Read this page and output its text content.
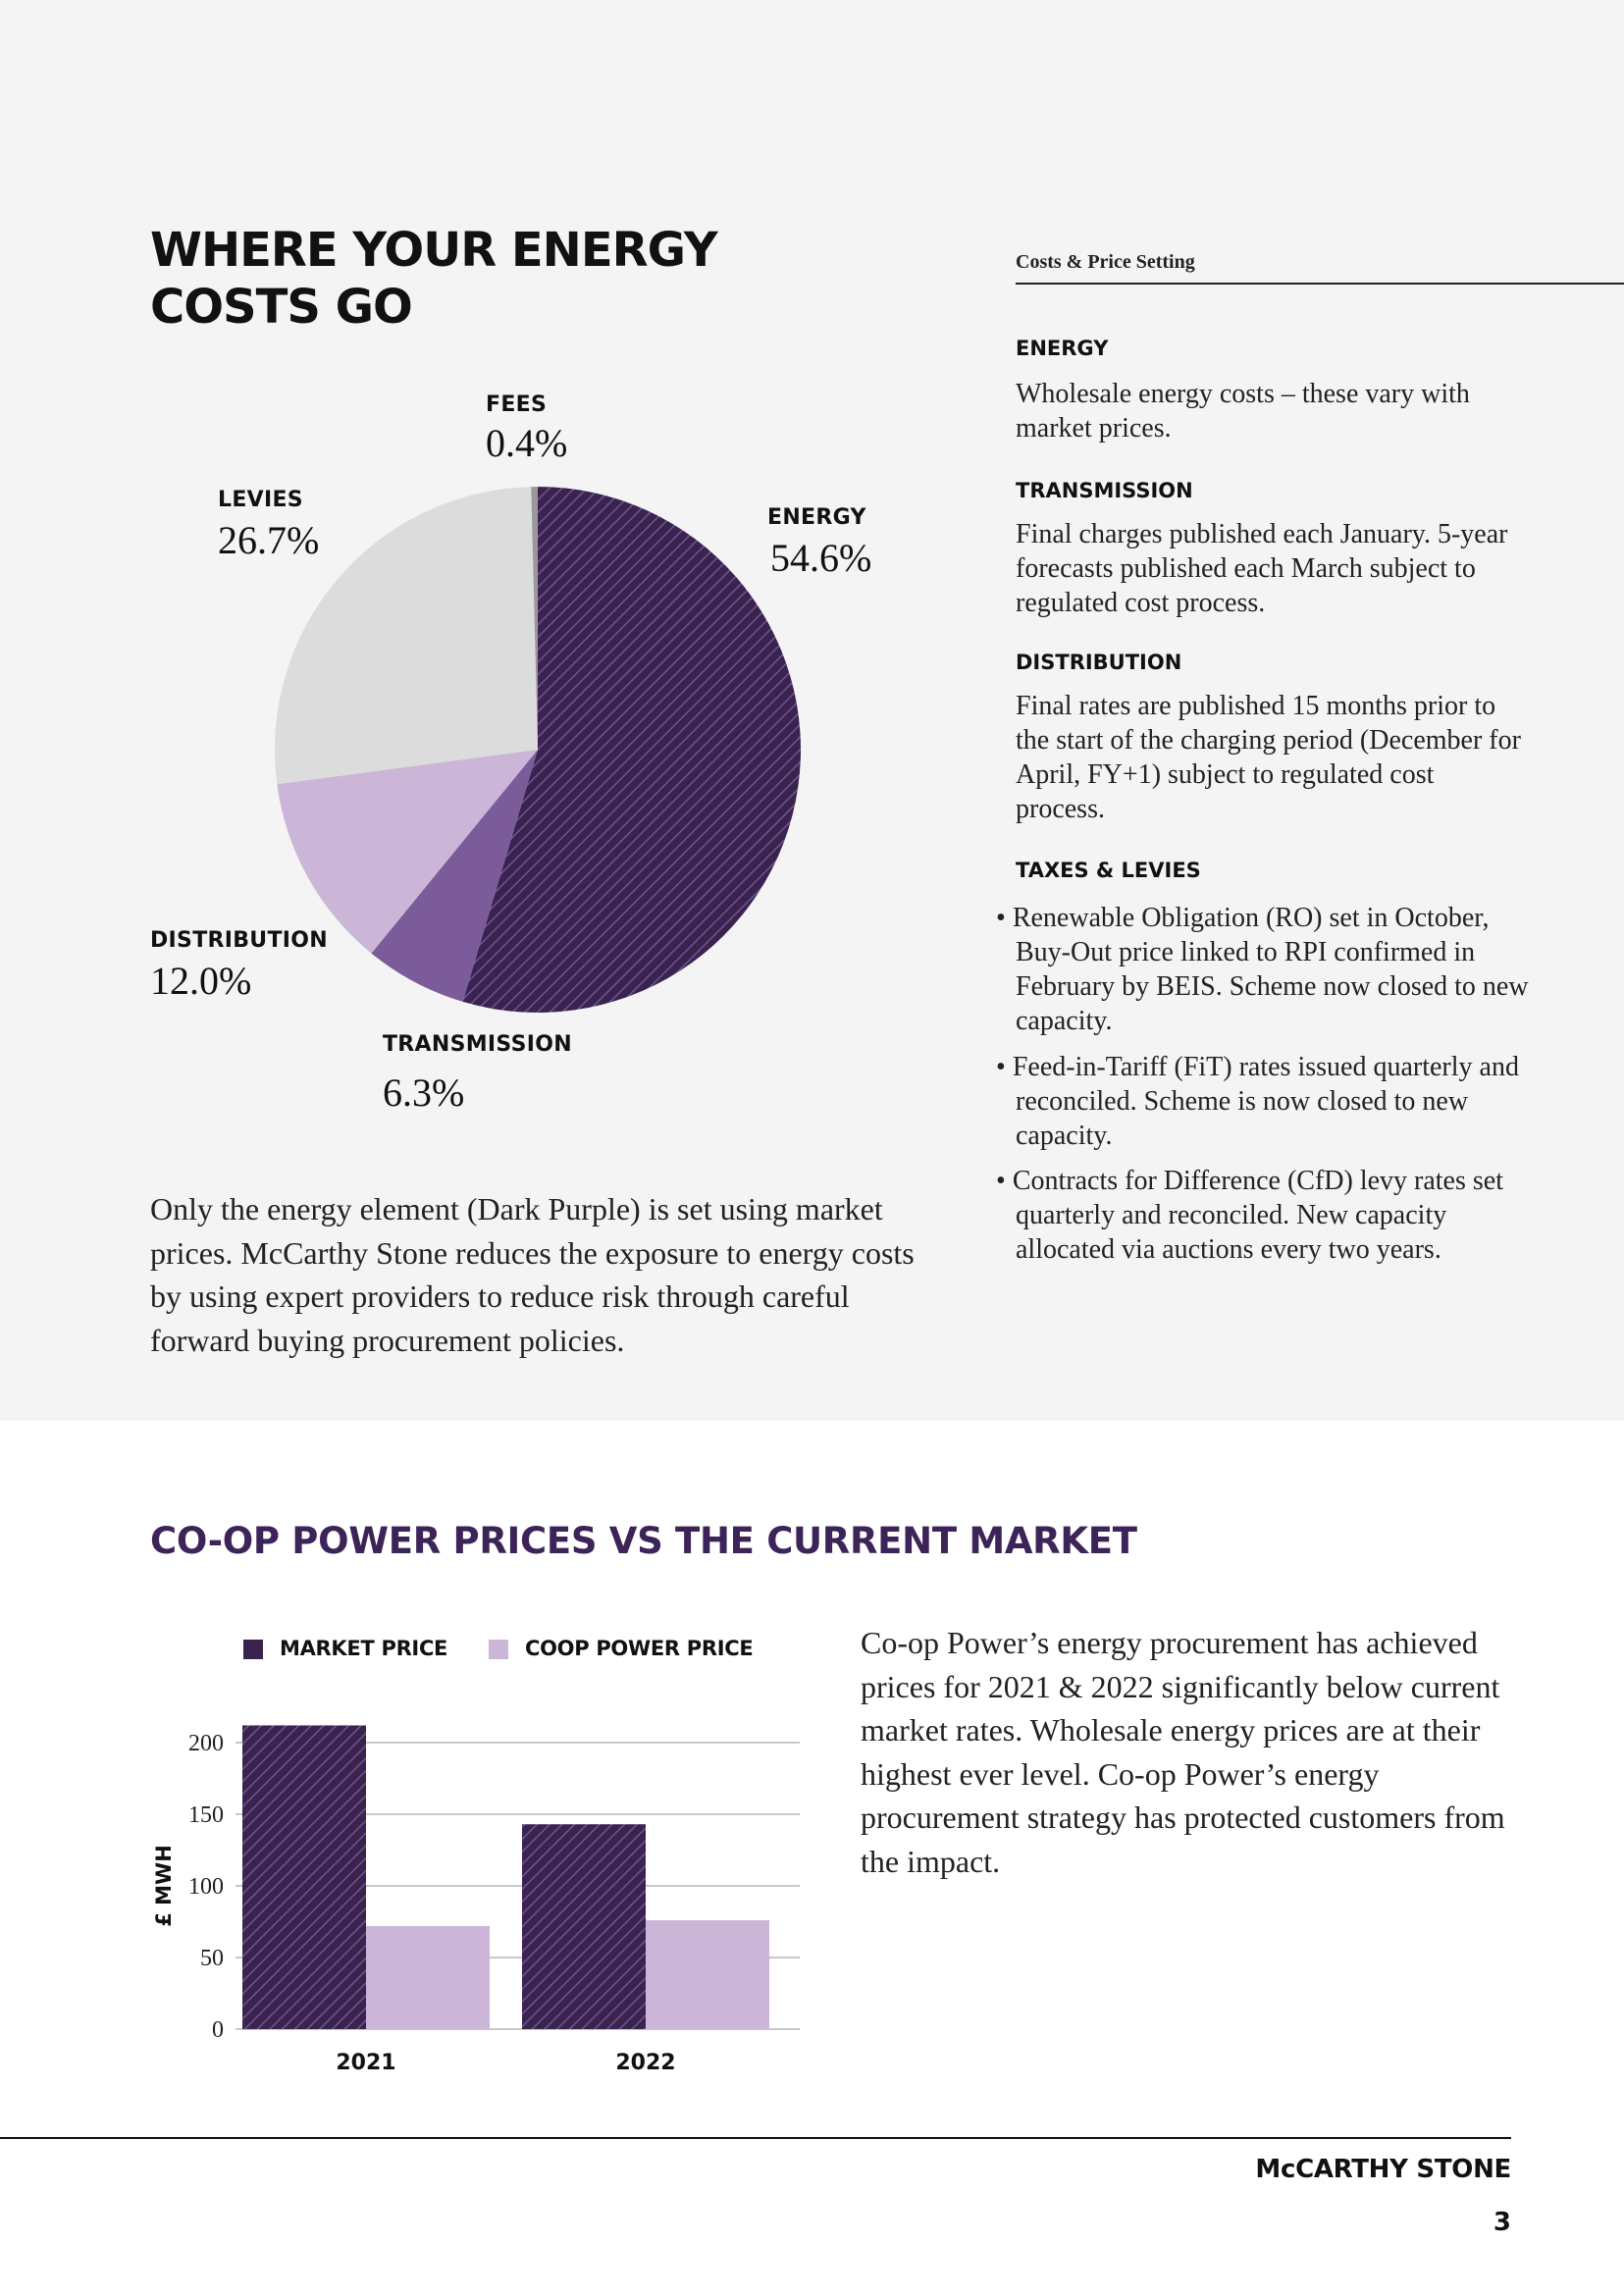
WHERE YOUR ENERGY
COSTS GO
FEES
0.4%
LEVIES
26.7%
ENERGY
54.6%
DISTRIBUTION
12.0%
TRANSMISSION
6.3%
Only the energy element (Dark Purple) is set using market prices. McCarthy Stone reduces the exposure to energy costs by using expert providers to reduce risk through careful forward buying procurement policies.
Costs & Price Setting
ENERGY
Wholesale energy costs – these vary with market prices.
TRANSMISSION
Final charges published each January. 5-year forecasts published each March subject to regulated cost process.
DISTRIBUTION
Final rates are published 15 months prior to the start of the charging period (December for April, FY+1) subject to regulated cost process.
TAXES & LEVIES
• Renewable Obligation (RO) set in October, Buy-Out price linked to RPI confirmed in February by BEIS. Scheme now closed to new capacity.
• Feed-in-Tariff (FiT) rates issued quarterly and reconciled. Scheme is now closed to new capacity.
• Contracts for Difference (CfD) levy rates set quarterly and reconciled. New capacity allocated via auctions every two years.
CO-OP POWER PRICES VS THE CURRENT MARKET
MARKET PRICE	COOP POWER PRICE
0
50
100
150
200
£ MWH
2021	2022
Co-op Power’s energy procurement has achieved prices for 2021 & 2022 significantly below current market rates. Wholesale energy prices are at their highest ever level. Co-op Power’s energy procurement strategy has protected customers from the impact.
McCARTHY STONE
3
